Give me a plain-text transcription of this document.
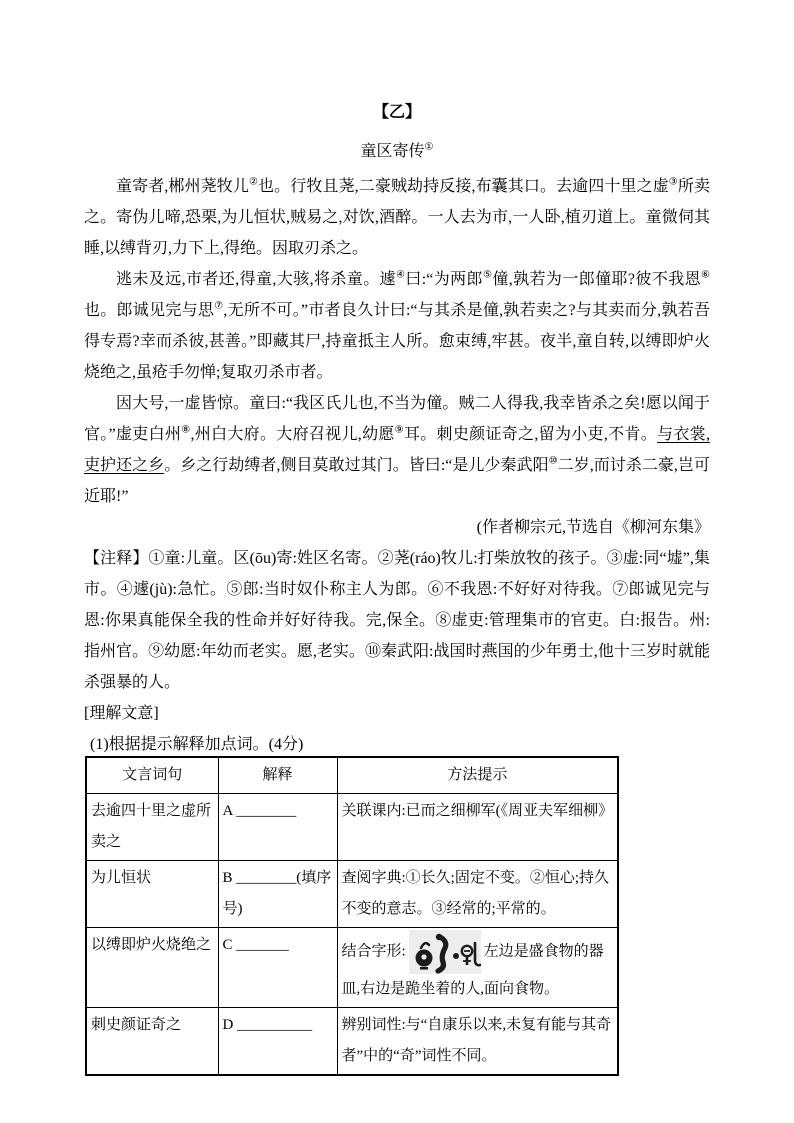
【乙】
童区寄传①

童寄者,郴州荛牧儿②也。行牧且荛,二豪贼劫持反接,布囊其口。去逾四十里之虚③所卖之。寄伪儿啼,恐栗,为儿恒状,贼易之,对饮,酒醉。一人去为市,一人卧,植刃道上。童微伺其睡,以缚背刃,力下上,得绝。因取刃杀之。

逃未及远,市者还,得童,大骇,将杀童。遽④曰:“为两郎⑤僮,孰若为一郎僮耶?彼不我恩⑥也。郎诚见完与思⑦,无所不可。”市者良久计曰:“与其杀是僮,孰若卖之?与其卖而分,孰若吾得专焉?幸而杀彼,甚善。”即藏其尸,持童抵主人所。愈束缚,牢甚。夜半,童自转,以缚即炉火烧绝之,虽疮手勿惮;复取刃杀市者。

因大号,一虚皆惊。童曰:“我区氏儿也,不当为僮。贼二人得我,我幸皆杀之矣!愿以闻于官。”虚吏白州⑧,州白大府。大府召视儿,幼愿⑨耳。刺史颜证奇之,留为小吏,不肯。与衣裳,吏护还之乡。乡之行劫缚者,侧目莫敢过其门。皆曰:“是儿少秦武阳⑩二岁,而讨杀二豪,岂可近耶!”

(作者柳宗元,节选自《柳河东集》

【注释】①童:儿童。区(ōu)寄:姓区名寄。②荛(ráo)牧儿:打柴放牧的孩子。③虚:同“墟”,集市。④遽(jù):急忙。⑤郎:当时奴仆称主人为郎。⑥不我恩:不好好对待我。⑦郎诚见完与恩:你果真能保全我的性命并好好待我。完,保全。⑧虚吏:管理集市的官吏。白:报告。州:指州官。⑨幼愿:年幼而老实。愿,老实。⑩秦武阳:战国时燕国的少年勇士,他十三岁时就能杀强暴的人。

[理解文意]
(1)根据提示解释加点词。(4分)
文言词句	解释	方法提示
去逾四十里之虚所卖之	A ________	关联课内:已而之细柳军(《周亚夫军细柳》
为儿恒状	B ________(填序号)	查阅字典:①长久;固定不变。②恒心;持久不变的意志。③经常的;平常的。
以缚即炉火烧绝之	C _______	结合字形: 左边是盛食物的器皿,右边是跪坐着的人,面向食物。
刺史颜证奇之	D __________	辨别词性:与“自康乐以来,未复有能与其奇者”中的“奇”词性不同。
